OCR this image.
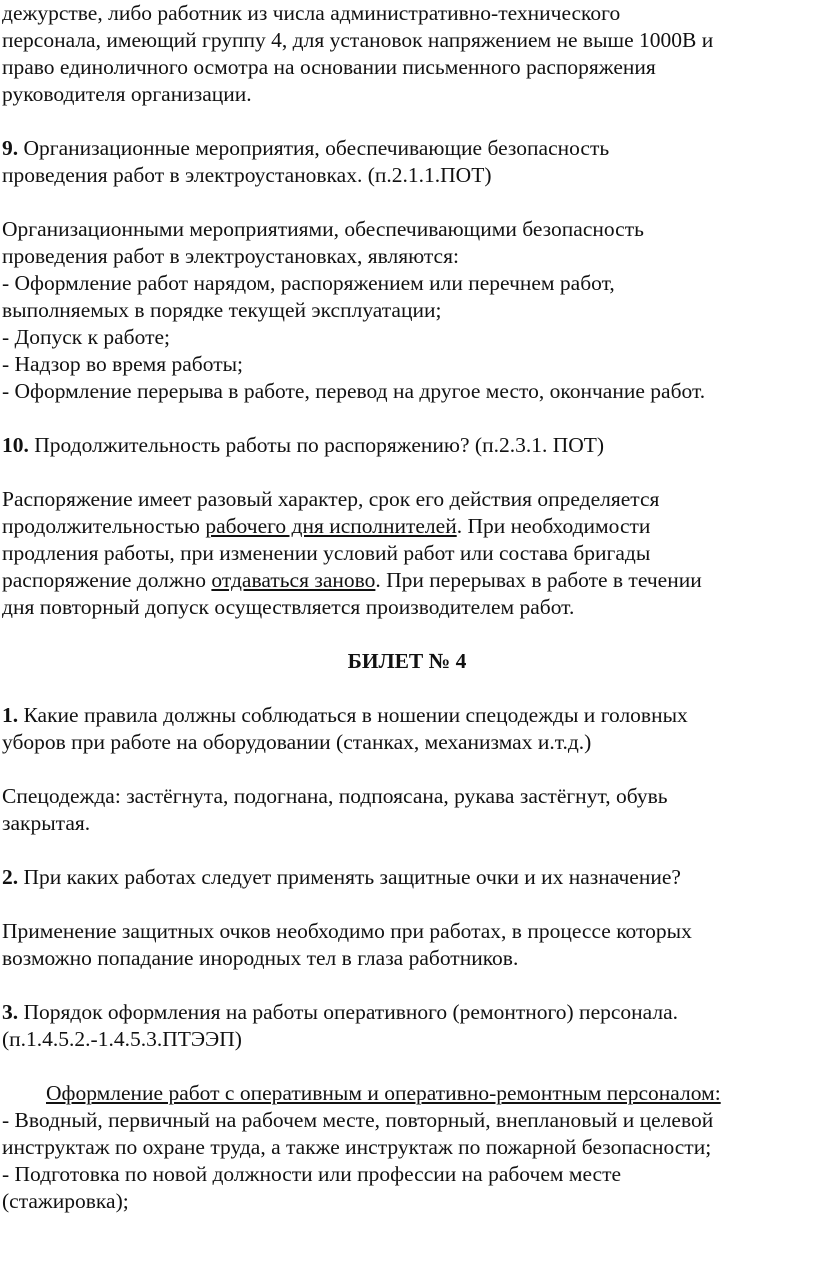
дежурстве, либо работник из числа административно-технического
персонала, имеющий группу 4, для установок напряжением не выше 1000В и
право единоличного осмотра на основании письменного распоряжения
руководителя организации.
9. Организационные мероприятия, обеспечивающие безопасность
проведения работ в электроустановках. (п.2.1.1.ПОТ)
Организационными мероприятиями, обеспечивающими безопасность
проведения работ в электроустановках, являются:
- Оформление работ нарядом, распоряжением или перечнем работ,
выполняемых в порядке текущей эксплуатации;
- Допуск к работе;
- Надзор во время работы;
- Оформление перерыва в работе, перевод на другое место, окончание работ.
10. Продолжительность работы по распоряжению? (п.2.3.1. ПОТ)
Распоряжение имеет разовый характер, срок его действия определяется
продолжительностью рабочего дня исполнителей. При необходимости
продления работы, при изменении условий работ или состава бригады
распоряжение должно отдаваться заново. При перерывах в работе в течении
дня повторный допуск осуществляется производителем работ.
БИЛЕТ № 4
1. Какие правила должны соблюдаться в ношении спецодежды и головных
уборов при работе на оборудовании (станках, механизмах и.т.д.)
Спецодежда: застёгнута, подогнана, подпоясана, рукава застёгнут, обувь
закрытая.
2. При каких работах следует применять защитные очки и их назначение?
Применение защитных очков необходимо при работах, в процессе которых
возможно попадание инородных тел в глаза работников.
3. Порядок оформления на работы оперативного (ремонтного) персонала.
(п.1.4.5.2.-1.4.5.3.ПТЭЭП)
Оформление работ с оперативным и оперативно-ремонтным персоналом:
- Вводный, первичный на рабочем месте, повторный, внеплановый и целевой
инструктаж по охране труда, а также инструктаж по пожарной безопасности;
- Подготовка по новой должности или профессии на рабочем месте
(стажировка);
